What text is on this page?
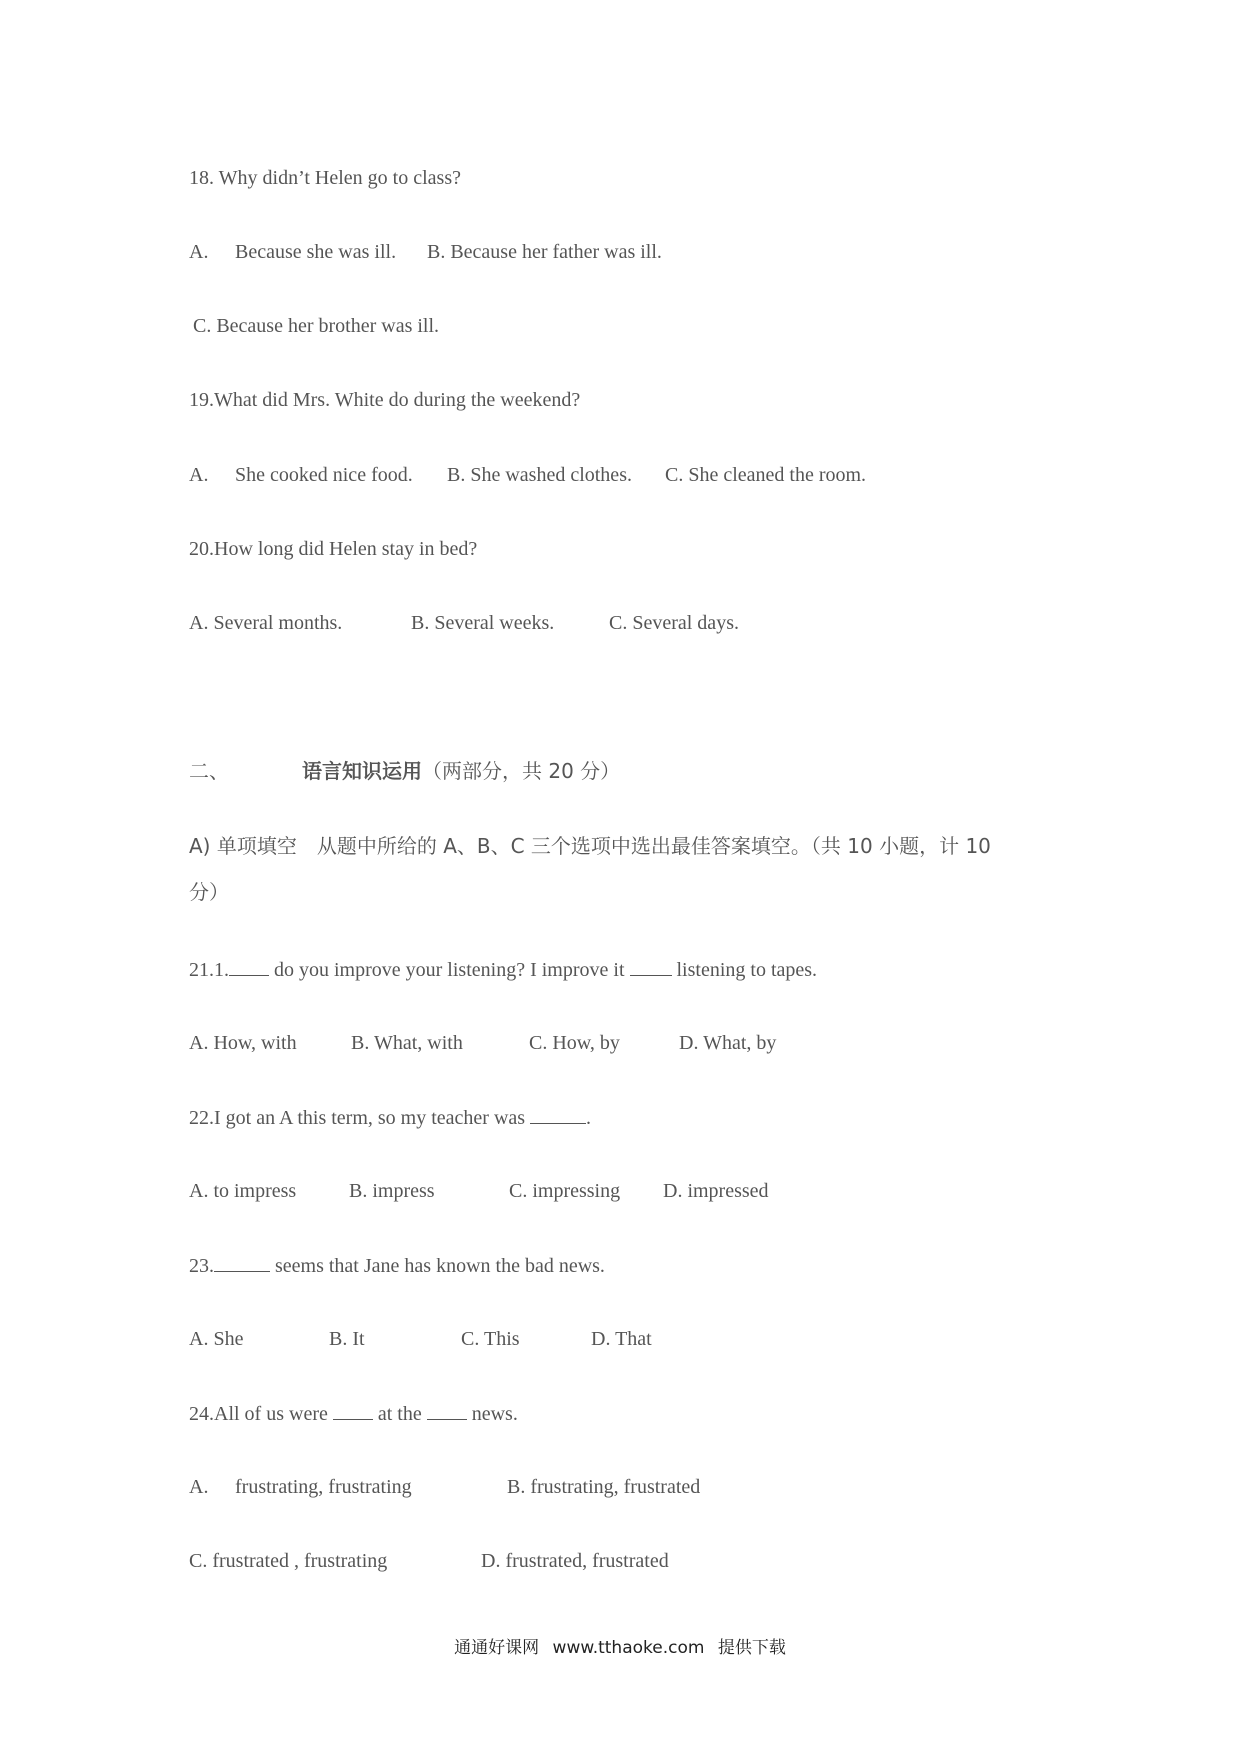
18. Why didn’t Helen go to class?
A. Because she was ill. B. Because her father was ill.
C. Because her brother was ill.
19.What did Mrs. White do during the weekend?
A. She cooked nice food. B. She washed clothes. C. She cleaned the room.
20.How long did Helen stay in bed?
A. Several months.	B. Several weeks.	C. Several days.
二、	语言知识运用（两部分，共 20 分）
A) 单项填空　从题中所给的 A、B、C 三个选项中选出最佳答案填空。（共 10 小题，计 10
分）
21.1. do you improve your listening? I improve it  listening to tapes.
A. How, with	B. What, with	C. How, by	D. What, by
22.I got an A this term, so my teacher was	.
A. to impress	B. impress	C. impressing D. impressed
23.	seems that Jane has known the bad news.
A. She	B. It	C. This	D. That
24.All of us were  at the  news.
A. frustrating, frustrating	B. frustrating, frustrated
C. frustrated , frustrating	D. frustrated, frustrated
通通好课网 www.tthaoke.com 提供下载
